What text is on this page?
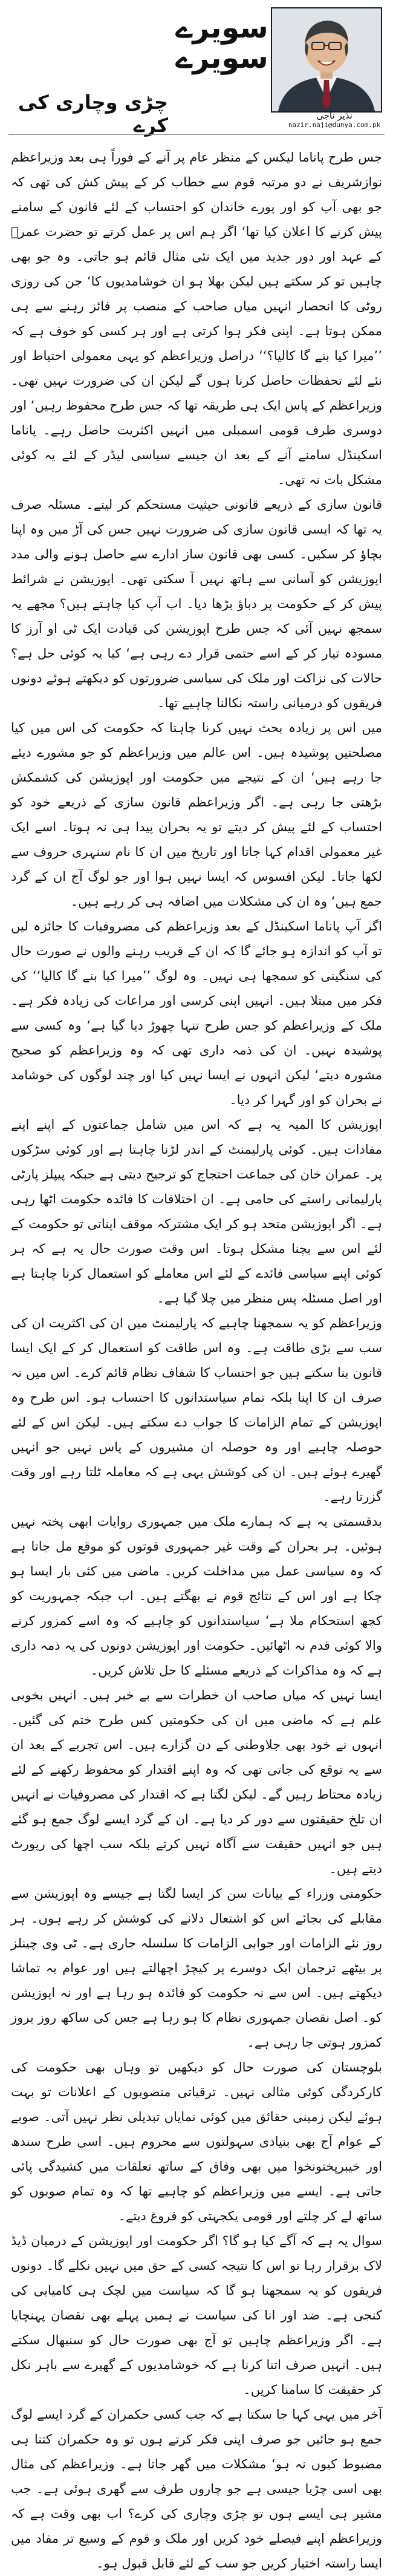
چڑی وچاری کی کرے
سویرے
سویرے
نذیر ناجی
nazir.naji@dunya.com.pk

جس طرح پاناما لیکس کے منظر عام پر آنے کے فوراً ہی بعد وزیراعظم نوازشریف نے دو مرتبہ قوم سے خطاب کر کے پیش کش کی تھی کہ جو بھی آپ کو اور پورے خاندان کو احتساب کے لئے قانون کے سامنے پیش کرنے کا اعلان کیا تھا‘ اگر ہم اس پر عمل کرتے تو حضرت عمرؓ کے عہد اور دور جدید میں ایک نئی مثال قائم ہو جاتی۔ وہ جو بھی چاہیں تو کر سکتے ہیں لیکن بھلا ہو ان خوشامدیوں کا‘ جن کی روزی روٹی کا انحصار انہیں میاں صاحب کے منصب پر فائز رہنے سے ہی ممکن ہوتا ہے۔ اپنی فکر ہوا کرتی ہے اور ہر کسی کو خوف ہے کہ ’’میرا کیا بنے گا کالیا؟‘‘ دراصل وزیراعظم کو یہی معمولی احتیاط اور نئے لئے تحفظات حاصل کرنا ہوں گے لیکن ان کی ضرورت نہیں تھی۔ وزیراعظم کے پاس ایک ہی طریقہ تھا کہ جس طرح محفوظ رہیں‘ اور دوسری طرف قومی اسمبلی میں انہیں اکثریت حاصل رہے۔ پاناما اسکینڈل سامنے آنے کے بعد ان جیسے سیاسی لیڈر کے لئے یہ کوئی مشکل بات نہ تھی۔

قانون سازی کے ذریعے قانونی حیثیت مستحکم کر لیتے۔ مسئلہ صرف یہ تھا کہ ایسی قانون سازی کی ضرورت نہیں جس کی آڑ میں وہ اپنا بچاؤ کر سکیں۔ کسی بھی قانون ساز ادارے سے حاصل ہونے والی مدد اپوزیشن کو آسانی سے ہاتھ نہیں آ سکتی تھی۔ اپوزیشن نے شرائط پیش کر کے حکومت پر دباؤ بڑھا دیا۔ اب آپ کیا چاہتے ہیں؟ مجھے یہ سمجھ نہیں آئی کہ جس طرح اپوزیشن کی قیادت ایک ٹی او آرز کا مسودہ تیار کر کے اسے حتمی قرار دے رہی ہے‘ کیا یہ کوئی حل ہے؟ حالات کی نزاکت اور ملک کی سیاسی ضرورتوں کو دیکھتے ہوئے دونوں فریقوں کو درمیانی راستہ نکالنا چاہیے تھا۔

میں اس پر زیادہ بحث نہیں کرنا چاہتا کہ حکومت کی اس میں کیا مصلحتیں پوشیدہ ہیں۔ اس عالم میں وزیراعظم کو جو مشورے دیئے جا رہے ہیں‘ ان کے نتیجے میں حکومت اور اپوزیشن کی کشمکش بڑھتی جا رہی ہے۔ اگر وزیراعظم قانون سازی کے ذریعے خود کو احتساب کے لئے پیش کر دیتے تو یہ بحران پیدا ہی نہ ہوتا۔ اسے ایک غیر معمولی اقدام کہا جاتا اور تاریخ میں ان کا نام سنہری حروف سے لکھا جاتا۔ لیکن افسوس کہ ایسا نہیں ہوا اور جو لوگ آج ان کے گرد جمع ہیں‘ وہ ان کی مشکلات میں اضافہ ہی کر رہے ہیں۔

اگر آپ پاناما اسکینڈل کے بعد وزیراعظم کی مصروفیات کا جائزہ لیں تو آپ کو اندازہ ہو جائے گا کہ ان کے قریب رہنے والوں نے صورت حال کی سنگینی کو سمجھا ہی نہیں۔ وہ لوگ ’’میرا کیا بنے گا کالیا‘‘ کی فکر میں مبتلا ہیں۔ انہیں اپنی کرسی اور مراعات کی زیادہ فکر ہے۔ ملک کے وزیراعظم کو جس طرح تنہا چھوڑ دیا گیا ہے‘ وہ کسی سے پوشیدہ نہیں۔ ان کی ذمہ داری تھی کہ وہ وزیراعظم کو صحیح مشورہ دیتے‘ لیکن انہوں نے ایسا نہیں کیا اور چند لوگوں کی خوشامد نے بحران کو اور گہرا کر دیا۔

اپوزیشن کا المیہ یہ ہے کہ اس میں شامل جماعتوں کے اپنے اپنے مفادات ہیں۔ کوئی پارلیمنٹ کے اندر لڑنا چاہتا ہے اور کوئی سڑکوں پر۔ عمران خان کی جماعت احتجاج کو ترجیح دیتی ہے جبکہ پیپلز پارٹی پارلیمانی راستے کی حامی ہے۔ ان اختلافات کا فائدہ حکومت اٹھا رہی ہے۔ اگر اپوزیشن متحد ہو کر ایک مشترکہ موقف اپناتی تو حکومت کے لئے اس سے بچنا مشکل ہوتا۔ اس وقت صورت حال یہ ہے کہ ہر کوئی اپنے سیاسی فائدے کے لئے اس معاملے کو استعمال کرنا چاہتا ہے اور اصل مسئلہ پس منظر میں چلا گیا ہے۔

وزیراعظم کو یہ سمجھنا چاہیے کہ پارلیمنٹ میں ان کی اکثریت ان کی سب سے بڑی طاقت ہے۔ وہ اس طاقت کو استعمال کر کے ایک ایسا قانون بنا سکتے ہیں جو احتساب کا شفاف نظام قائم کرے۔ اس میں نہ صرف ان کا اپنا بلکہ تمام سیاستدانوں کا احتساب ہو۔ اس طرح وہ اپوزیشن کے تمام الزامات کا جواب دے سکتے ہیں۔ لیکن اس کے لئے حوصلہ چاہیے اور وہ حوصلہ ان مشیروں کے پاس نہیں جو انہیں گھیرے ہوئے ہیں۔ ان کی کوشش یہی ہے کہ معاملہ ٹلتا رہے اور وقت گزرتا رہے۔

بدقسمتی یہ ہے کہ ہمارے ملک میں جمہوری روایات ابھی پختہ نہیں ہوئیں۔ ہر بحران کے وقت غیر جمہوری قوتوں کو موقع مل جاتا ہے کہ وہ سیاسی عمل میں مداخلت کریں۔ ماضی میں کئی بار ایسا ہو چکا ہے اور اس کے نتائج قوم نے بھگتے ہیں۔ اب جبکہ جمہوریت کو کچھ استحکام ملا ہے‘ سیاستدانوں کو چاہیے کہ وہ اسے کمزور کرنے والا کوئی قدم نہ اٹھائیں۔ حکومت اور اپوزیشن دونوں کی یہ ذمہ داری ہے کہ وہ مذاکرات کے ذریعے مسئلے کا حل تلاش کریں۔

ایسا نہیں کہ میاں صاحب ان خطرات سے بے خبر ہیں۔ انہیں بخوبی علم ہے کہ ماضی میں ان کی حکومتیں کس طرح ختم کی گئیں۔ انہوں نے خود بھی جلاوطنی کے دن گزارے ہیں۔ اس تجربے کے بعد ان سے یہ توقع کی جاتی تھی کہ وہ اپنے اقتدار کو محفوظ رکھنے کے لئے زیادہ محتاط رہیں گے۔ لیکن لگتا ہے کہ اقتدار کی مصروفیات نے انہیں ان تلخ حقیقتوں سے دور کر دیا ہے۔ ان کے گرد ایسے لوگ جمع ہو گئے ہیں جو انہیں حقیقت سے آگاہ نہیں کرتے بلکہ سب اچھا کی رپورٹ دیتے ہیں۔

حکومتی وزراء کے بیانات سن کر ایسا لگتا ہے جیسے وہ اپوزیشن سے مقابلے کی بجائے اس کو اشتعال دلانے کی کوشش کر رہے ہوں۔ ہر روز نئے الزامات اور جوابی الزامات کا سلسلہ جاری ہے۔ ٹی وی چینلز پر بیٹھے ترجمان ایک دوسرے پر کیچڑ اچھالتے ہیں اور عوام یہ تماشا دیکھتے ہیں۔ اس سے نہ حکومت کو فائدہ ہو رہا ہے اور نہ اپوزیشن کو۔ اصل نقصان جمہوری نظام کا ہو رہا ہے جس کی ساکھ روز بروز کمزور ہوتی جا رہی ہے۔

بلوچستان کی صورت حال کو دیکھیں تو وہاں بھی حکومت کی کارکردگی کوئی مثالی نہیں۔ ترقیاتی منصوبوں کے اعلانات تو بہت ہوئے لیکن زمینی حقائق میں کوئی نمایاں تبدیلی نظر نہیں آتی۔ صوبے کے عوام آج بھی بنیادی سہولتوں سے محروم ہیں۔ اسی طرح سندھ اور خیبرپختونخوا میں بھی وفاق کے ساتھ تعلقات میں کشیدگی پائی جاتی ہے۔ ایسے میں وزیراعظم کو چاہیے تھا کہ وہ تمام صوبوں کو ساتھ لے کر چلتے اور قومی یکجہتی کو فروغ دیتے۔

سوال یہ ہے کہ آگے کیا ہو گا؟ اگر حکومت اور اپوزیشن کے درمیان ڈیڈ لاک برقرار رہا تو اس کا نتیجہ کسی کے حق میں نہیں نکلے گا۔ دونوں فریقوں کو یہ سمجھنا ہو گا کہ سیاست میں لچک ہی کامیابی کی کنجی ہے۔ ضد اور انا کی سیاست نے ہمیں پہلے بھی نقصان پہنچایا ہے۔ اگر وزیراعظم چاہیں تو آج بھی صورت حال کو سنبھال سکتے ہیں۔ انہیں صرف اتنا کرنا ہے کہ خوشامدیوں کے گھیرے سے باہر نکل کر حقیقت کا سامنا کریں۔

آخر میں یہی کہا جا سکتا ہے کہ جب کسی حکمران کے گرد ایسے لوگ جمع ہو جائیں جو صرف اپنی فکر کرتے ہوں تو وہ حکمران کتنا ہی مضبوط کیوں نہ ہو‘ مشکلات میں گھر جاتا ہے۔ وزیراعظم کی مثال بھی اسی چڑیا جیسی ہے جو چاروں طرف سے گھری ہوئی ہے۔ جب مشیر ہی ایسے ہوں تو چڑی وچاری کی کرے؟ اب بھی وقت ہے کہ وزیراعظم اپنے فیصلے خود کریں اور ملک و قوم کے وسیع تر مفاد میں ایسا راستہ اختیار کریں جو سب کے لئے قابل قبول ہو۔
